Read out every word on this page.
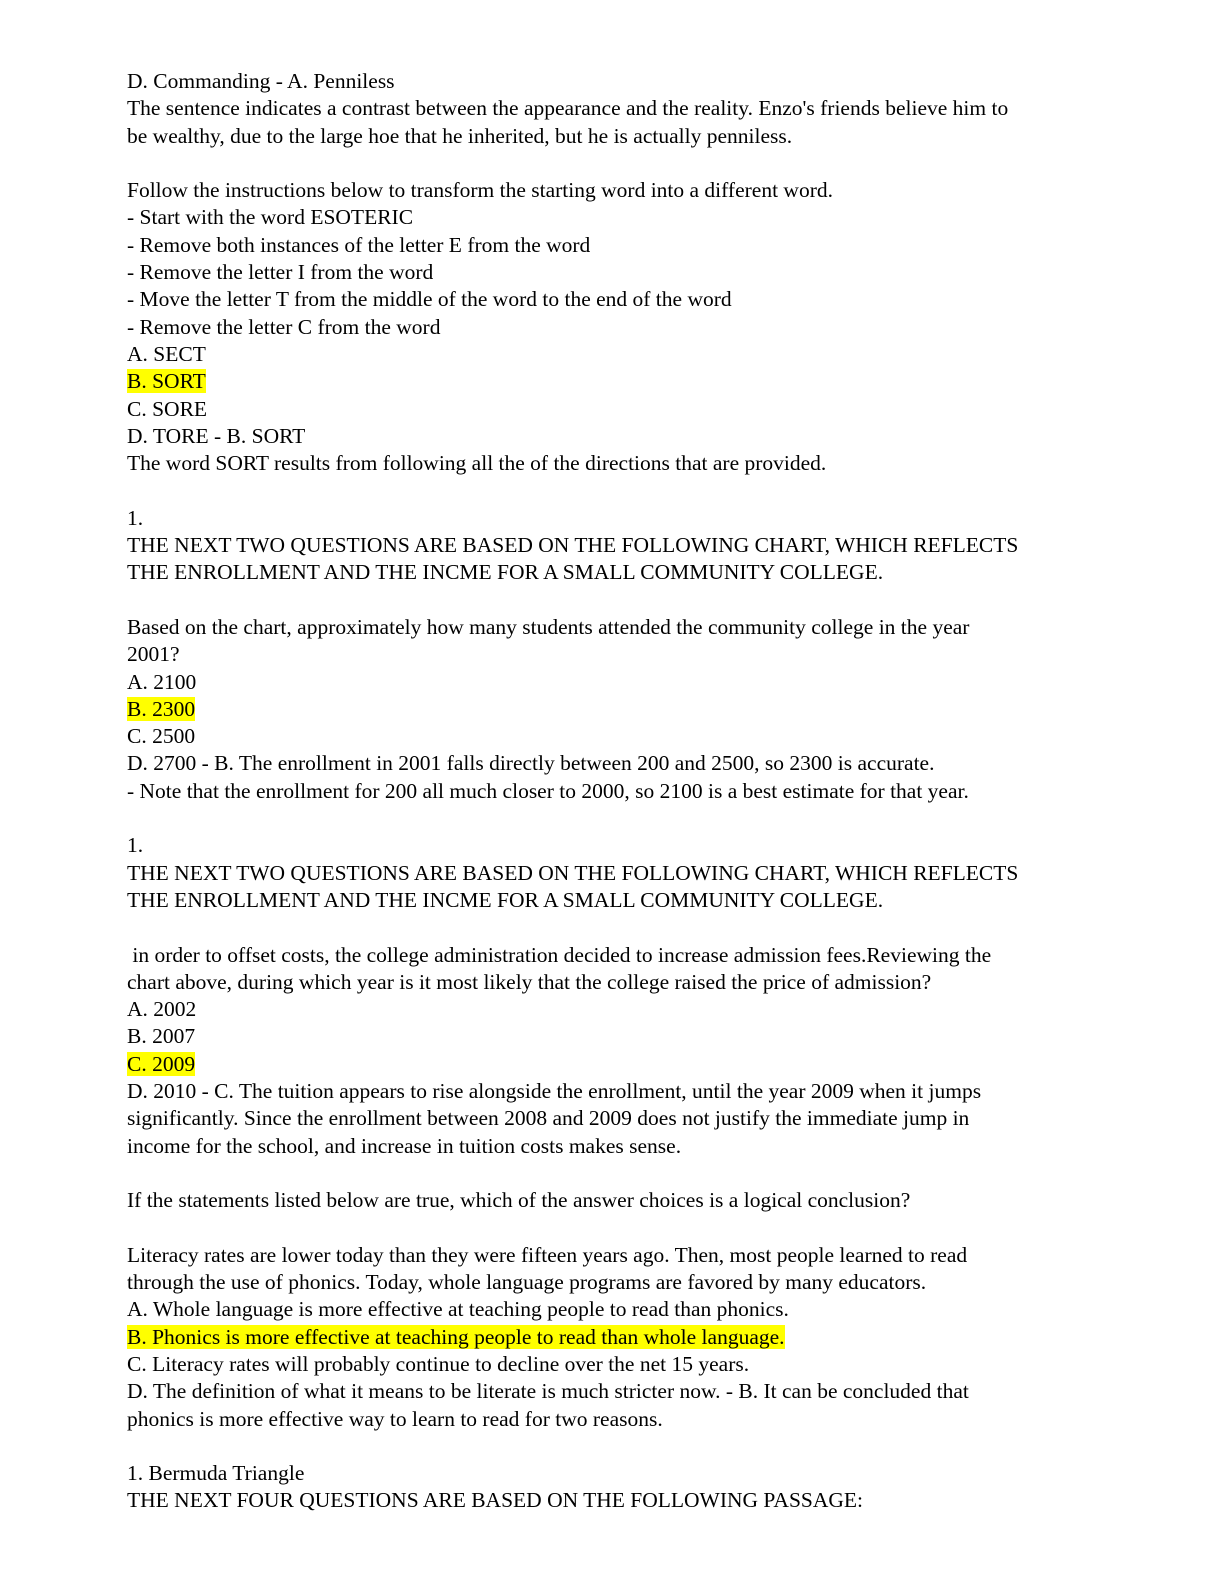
D. Commanding - A. Penniless
The sentence indicates a contrast between the appearance and the reality. Enzo's friends believe him to
be wealthy, due to the large hoe that he inherited, but he is actually penniless.
Follow the instructions below to transform the starting word into a different word.
- Start with the word ESOTERIC
- Remove both instances of the letter E from the word
- Remove the letter I from the word
- Move the letter T from the middle of the word to the end of the word
- Remove the letter C from the word
A. SECT
B. SORT
C. SORE
D. TORE - B. SORT
The word SORT results from following all the of the directions that are provided.
1.
THE NEXT TWO QUESTIONS ARE BASED ON THE FOLLOWING CHART, WHICH REFLECTS
THE ENROLLMENT AND THE INCME FOR A SMALL COMMUNITY COLLEGE.
Based on the chart, approximately how many students attended the community college in the year
2001?
A. 2100
B. 2300
C. 2500
D. 2700 - B. The enrollment in 2001 falls directly between 200 and 2500, so 2300 is accurate.
- Note that the enrollment for 200 all much closer to 2000, so 2100 is a best estimate for that year.
1.
THE NEXT TWO QUESTIONS ARE BASED ON THE FOLLOWING CHART, WHICH REFLECTS
THE ENROLLMENT AND THE INCME FOR A SMALL COMMUNITY COLLEGE.
in order to offset costs, the college administration decided to increase admission fees.Reviewing the
chart above, during which year is it most likely that the college raised the price of admission?
A. 2002
B. 2007
C. 2009
D. 2010 - C. The tuition appears to rise alongside the enrollment, until the year 2009 when it jumps
significantly. Since the enrollment between 2008 and 2009 does not justify the immediate jump in
income for the school, and increase in tuition costs makes sense.
If the statements listed below are true, which of the answer choices is a logical conclusion?
Literacy rates are lower today than they were fifteen years ago. Then, most people learned to read
through the use of phonics. Today, whole language programs are favored by many educators.
A. Whole language is more effective at teaching people to read than phonics.
B. Phonics is more effective at teaching people to read than whole language.
C. Literacy rates will probably continue to decline over the net 15 years.
D. The definition of what it means to be literate is much stricter now. - B. It can be concluded that
phonics is more effective way to learn to read for two reasons.
1. Bermuda Triangle
THE NEXT FOUR QUESTIONS ARE BASED ON THE FOLLOWING PASSAGE:
